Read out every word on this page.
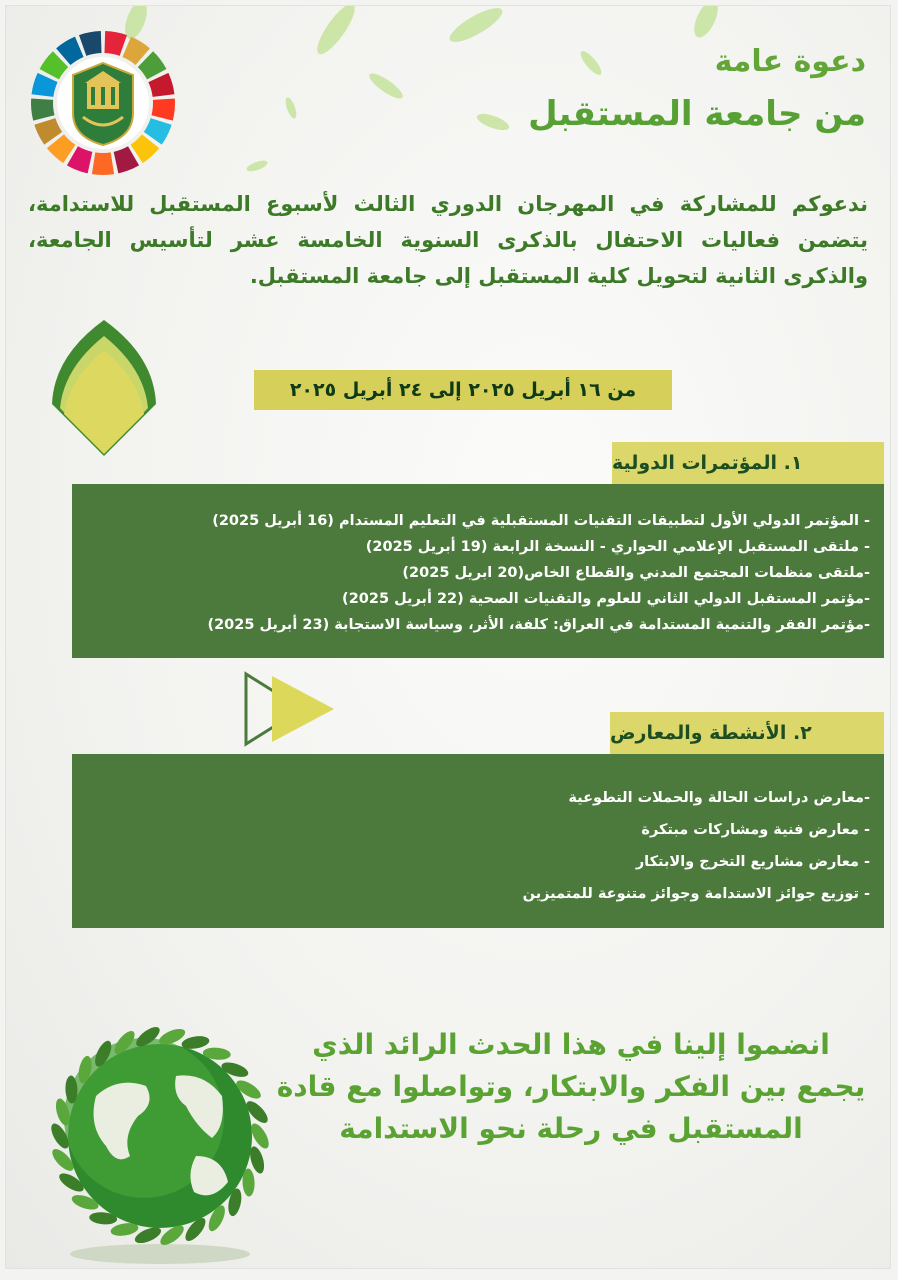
دعوة عامة
من جامعة المستقبل
ندعوكم للمشاركة في المهرجان الدوري الثالث لأسبوع المستقبل للاستدامة، يتضمن فعاليات الاحتفال بالذكرى السنوية الخامسة عشر لتأسيس الجامعة، والذكرى الثانية لتحويل كلية المستقبل إلى جامعة المستقبل.
من ١٦ أبريل ٢٠٢٥ إلى ٢٤ أبريل ٢٠٢٥
١. المؤتمرات الدولية
- المؤتمر الدولي الأول لتطبيقات التقنيات المستقبلية في التعليم المستدام (16 أبريل 2025)
- ملتقى المستقبل الإعلامي الحواري - النسخة الرابعة (19 أبريل 2025)
-ملتقى منظمات المجتمع المدني والقطاع الخاص(20 ابريل 2025)
-مؤتمر المستقبل الدولي الثاني للعلوم والتقنيات الصحية (22 أبريل 2025)
-مؤتمر الفقر والتنمية المستدامة في العراق: كلفة، الأثر، وسياسة الاستجابة (23 أبريل 2025)
٢. الأنشطة والمعارض
-معارض دراسات الحالة والحملات التطوعية
- معارض فنية ومشاركات مبتكرة
- معارض مشاريع التخرج والابتكار
- توزيع جوائز الاستدامة وجوائز متنوعة للمتميزين
انضموا إلينا في هذا الحدث الرائد الذي يجمع بين الفكر والابتكار، وتواصلوا مع قادة المستقبل في رحلة نحو الاستدامة
